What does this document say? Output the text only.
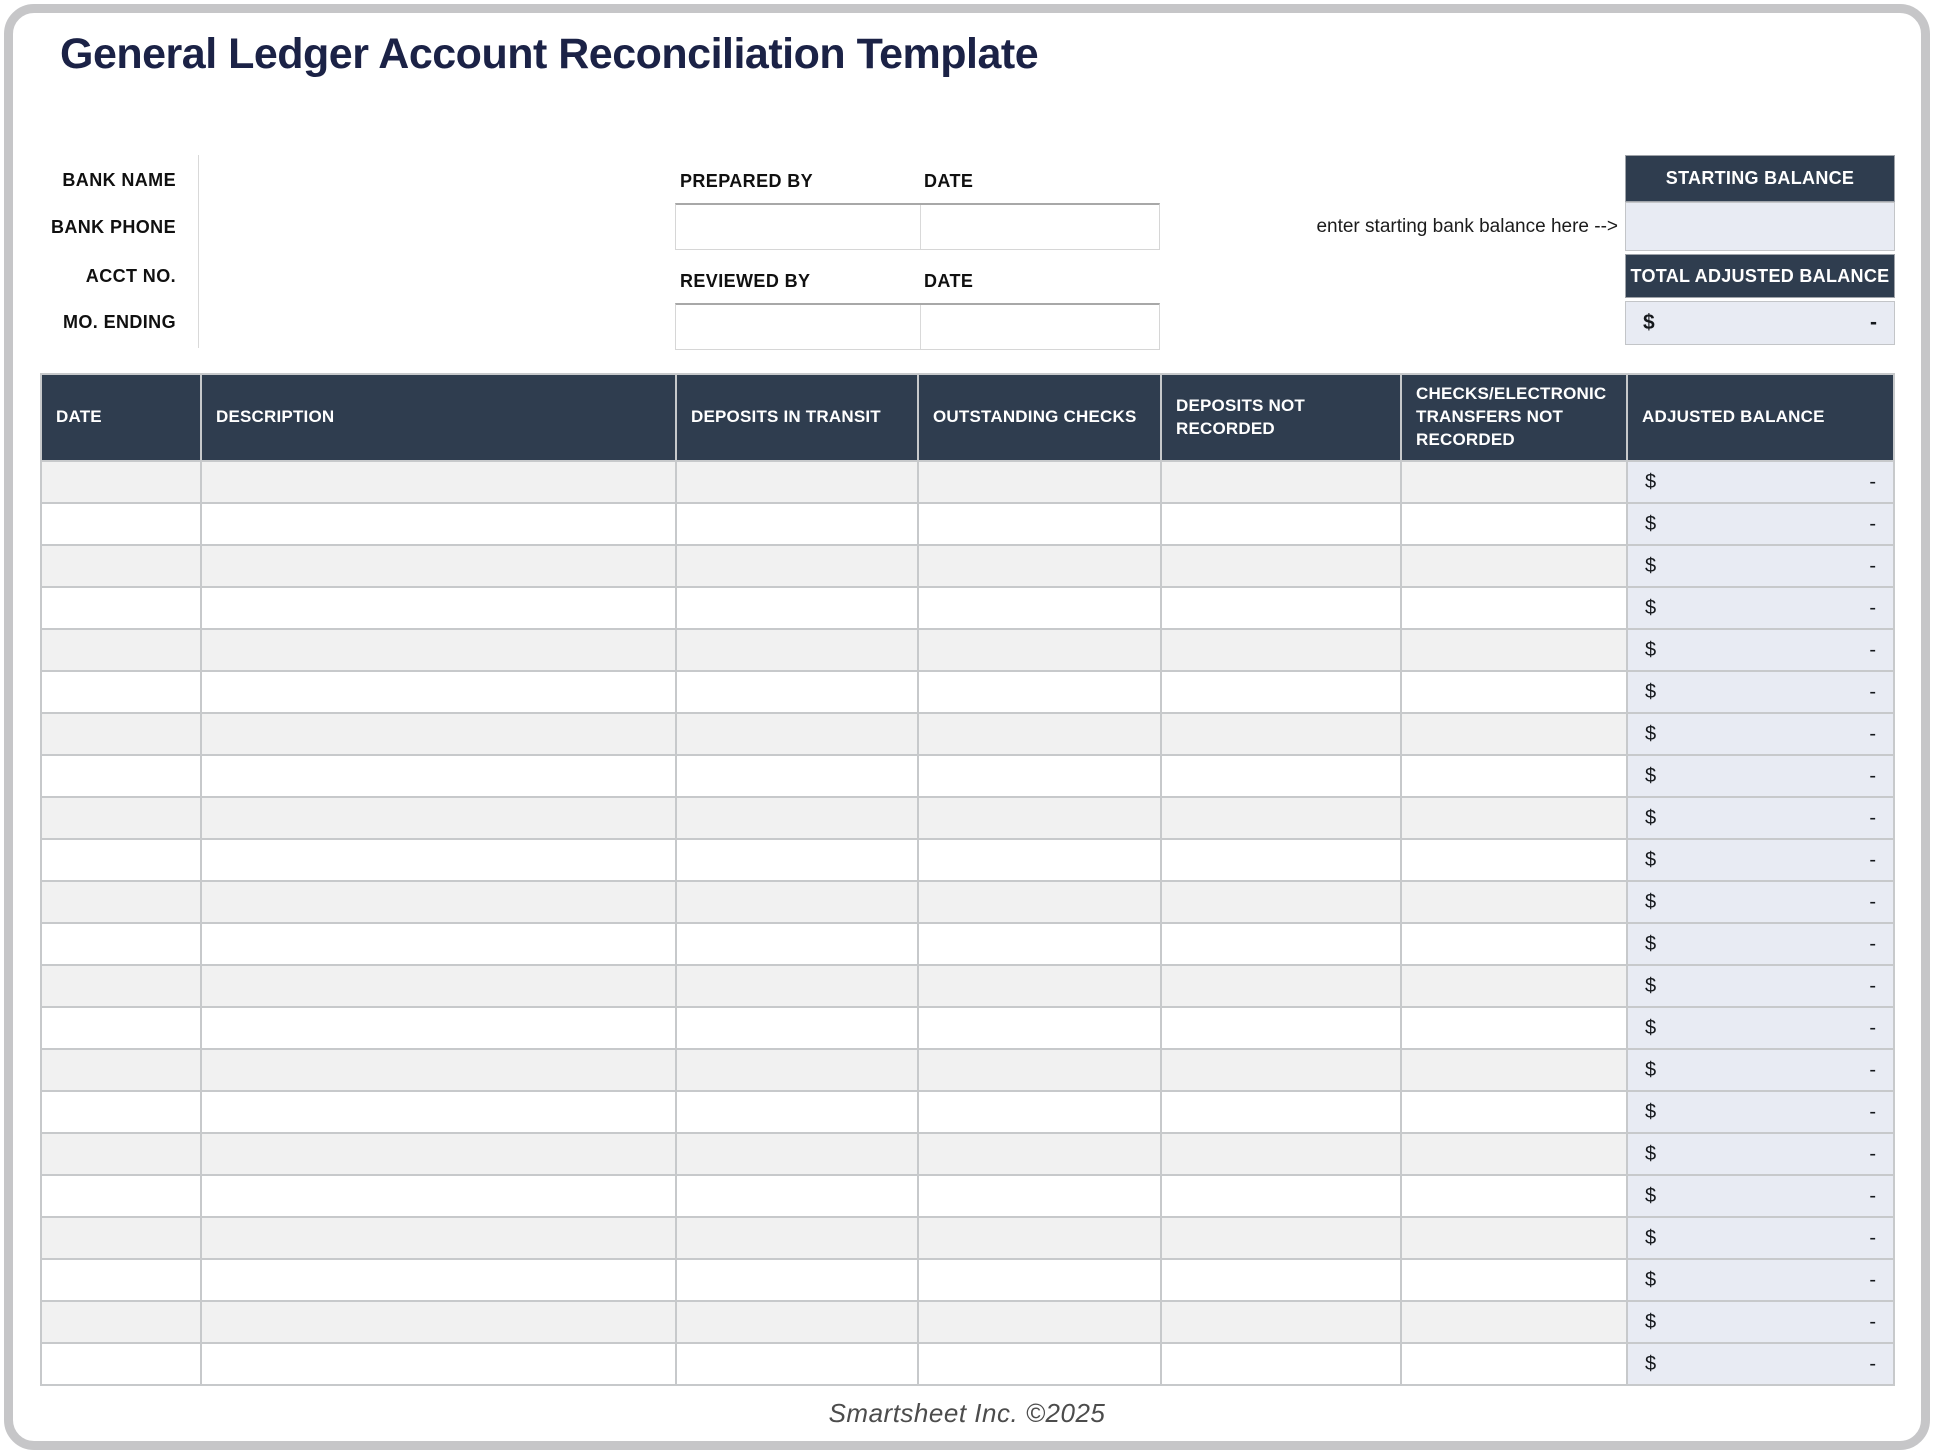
General Ledger Account Reconciliation Template
BANK NAME
BANK PHONE
ACCT NO.
MO. ENDING
PREPARED BY	DATE
REVIEWED BY	DATE
enter starting bank balance here -->
STARTING BALANCE
TOTAL ADJUSTED BALANCE
$	-
DATE	DESCRIPTION	DEPOSITS IN TRANSIT	OUTSTANDING CHECKS	DEPOSITS NOT RECORDED	CHECKS/ELECTRONIC TRANSFERS NOT RECORDED	ADJUSTED BALANCE

						$ -

						$ -

						$ -

						$ -

						$ -

						$ -

						$ -

						$ -

						$ -

						$ -

						$ -

						$ -

						$ -

						$ -

						$ -

						$ -

						$ -

						$ -

						$ -

						$ -

						$ -

						$ -
Smartsheet Inc. ©2025
